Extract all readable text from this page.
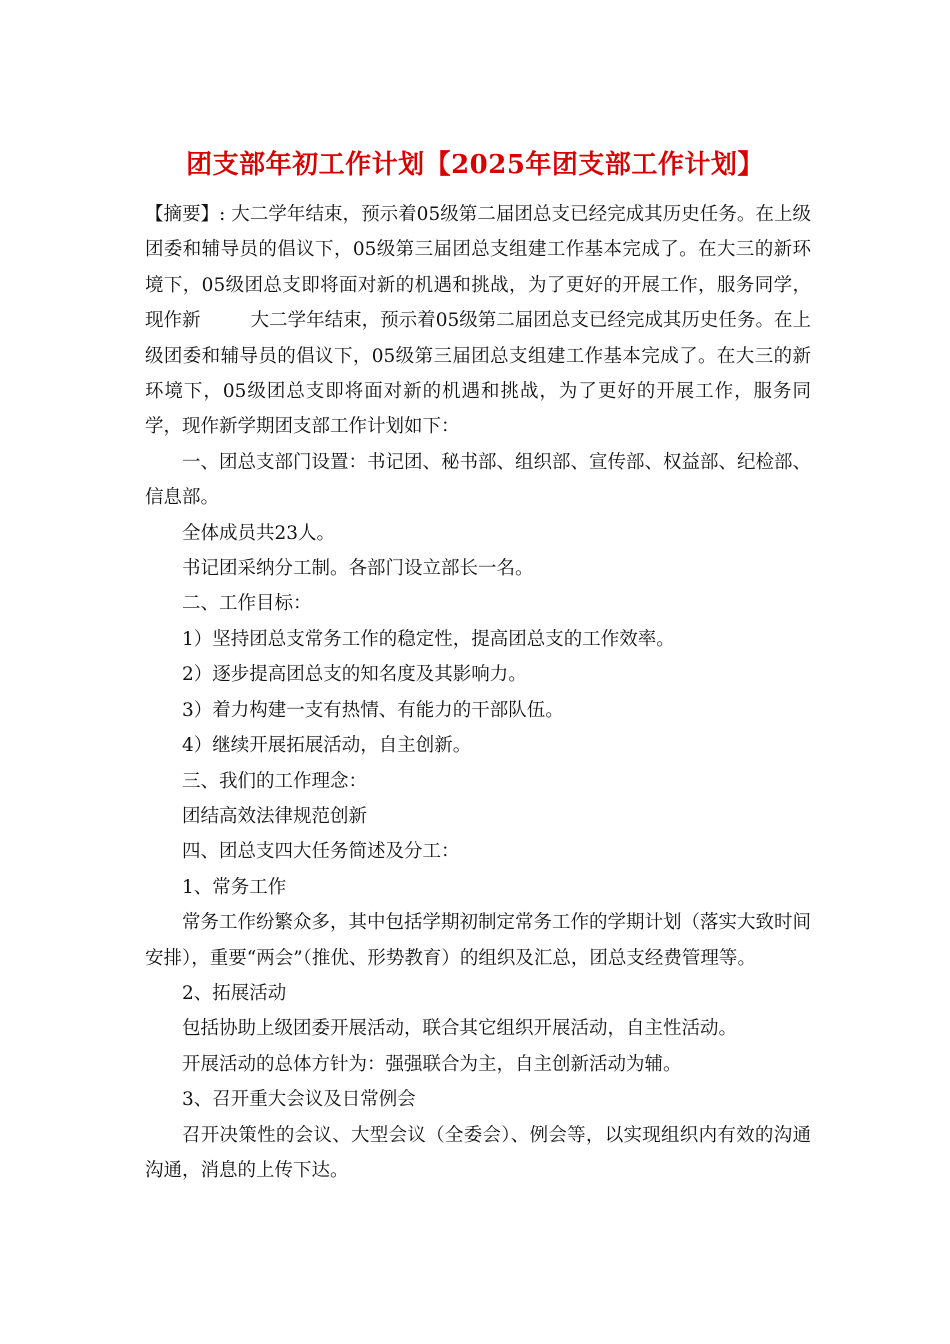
团支部年初工作计划【2025年团支部工作计划】

【摘要】: 大二学年结束，预示着05级第二届团总支已经完成其历史任务。在上级团委和辅导员的倡议下，05级第三届团总支组建工作基本完成了。在大三的新环境下，05级团总支即将面对新的机遇和挑战，为了更好的开展工作，服务同学，现作新	大二学年结束，预示着05级第二届团总支已经完成其历史任务。在上级团委和辅导员的倡议下，05级第三届团总支组建工作基本完成了。在大三的新环境下，05级团总支即将面对新的机遇和挑战，为了更好的开展工作，服务同学，现作新学期团支部工作计划如下：

一、团总支部门设置：书记团、秘书部、组织部、宣传部、权益部、纪检部、信息部。

全体成员共23人。

书记团采纳分工制。各部门设立部长一名。

二、工作目标：

1）坚持团总支常务工作的稳定性，提高团总支的工作效率。

2）逐步提高团总支的知名度及其影响力。

3）着力构建一支有热情、有能力的干部队伍。

4）继续开展拓展活动，自主创新。

三、我们的工作理念：

团结高效法律规范创新

四、团总支四大任务简述及分工：

1、常务工作

常务工作纷繁众多，其中包括学期初制定常务工作的学期计划（落实大致时间安排），重要“两会”（推优、形势教育）的组织及汇总，团总支经费管理等。

2、拓展活动

包括协助上级团委开展活动，联合其它组织开展活动，自主性活动。

开展活动的总体方针为：强强联合为主，自主创新活动为辅。

3、召开重大会议及日常例会

召开决策性的会议、大型会议（全委会）、例会等，以实现组织内有效的沟通沟通，消息的上传下达。
